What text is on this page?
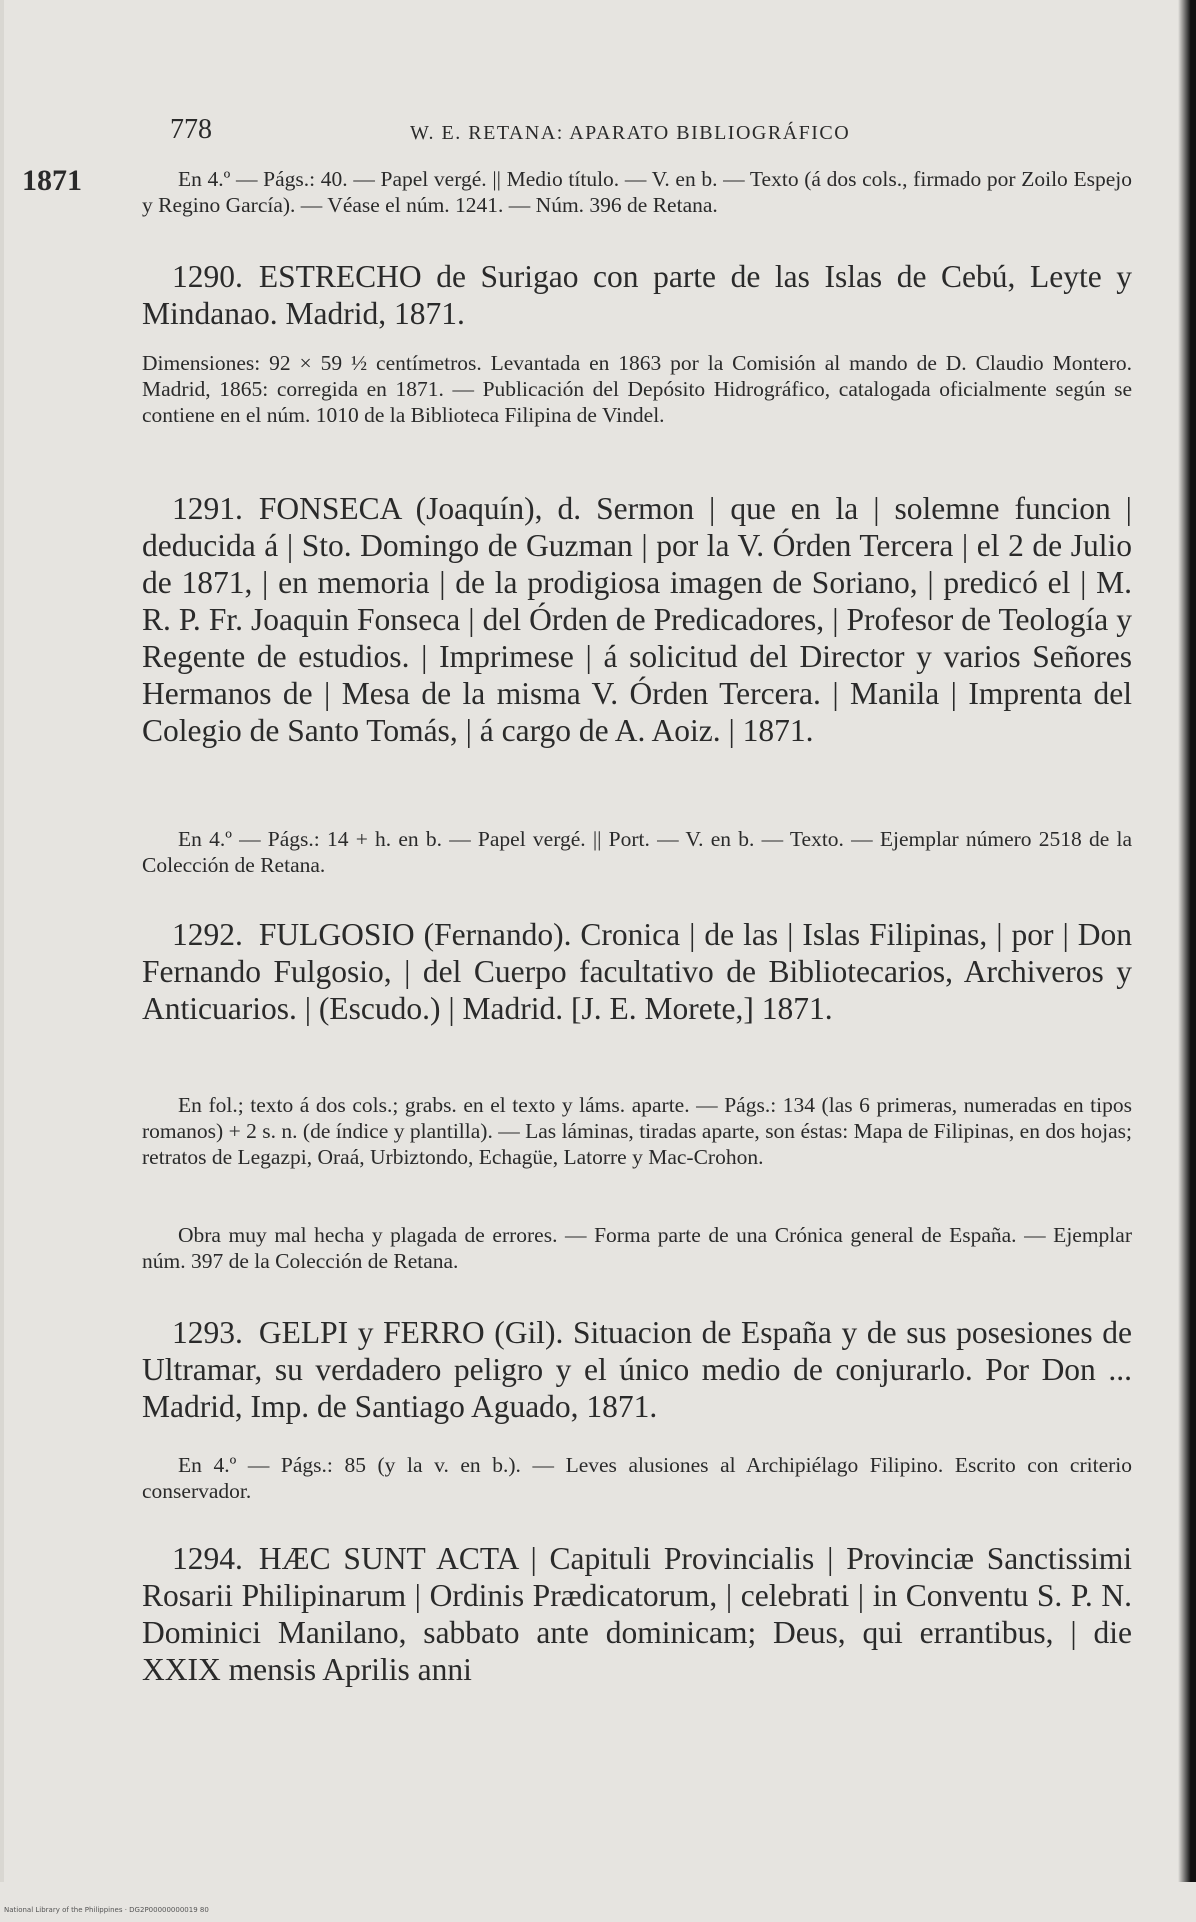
1871
778	W. E. RETANA: APARATO BIBLIOGRÁFICO

En 4.º — Págs.: 40. — Papel vergé. || Medio título. — V. en b. — Texto (á dos cols., firmado por Zoilo Espejo y Regino García). — Véase el núm. 1241. — Núm. 396 de Retana.

1290. ESTRECHO de Surigao con parte de las Islas de Cebú, Leyte y Mindanao. Madrid, 1871.

Dimensiones: 92 × 59 ½ centímetros. Levantada en 1863 por la Comisión al mando de D. Claudio Montero. Madrid, 1865: corregida en 1871. — Publicación del Depósito Hidrográfico, catalogada oficialmente según se contiene en el núm. 1010 de la Biblioteca Filipina de Vindel.

1291. FONSECA (Joaquín), d. Sermon | que en la | solemne funcion | deducida á | Sto. Domingo de Guzman | por la V. Órden Tercera | el 2 de Julio de 1871, | en memoria | de la prodigiosa imagen de Soriano, | predicó el | M. R. P. Fr. Joaquin Fonseca | del Órden de Predicadores, | Profesor de Teología y Regente de estudios. | Imprimese | á solicitud del Director y varios Señores Hermanos de | Mesa de la misma V. Órden Tercera. | Manila | Imprenta del Colegio de Santo Tomás, | á cargo de A. Aoiz. | 1871.

En 4.º — Págs.: 14 + h. en b. — Papel vergé. || Port. — V. en b. — Texto. — Ejemplar número 2518 de la Colección de Retana.

1292. FULGOSIO (Fernando). Cronica | de las | Islas Filipinas, | por | Don Fernando Fulgosio, | del Cuerpo facultativo de Bibliotecarios, Archiveros y Anticuarios. | (Escudo.) | Madrid. [J. E. Morete,] 1871.

En fol.; texto á dos cols.; grabs. en el texto y láms. aparte. — Págs.: 134 (las 6 primeras, numeradas en tipos romanos) + 2 s. n. (de índice y plantilla). — Las láminas, tiradas aparte, son éstas: Mapa de Filipinas, en dos hojas; retratos de Legazpi, Oraá, Urbiztondo, Echagüe, Latorre y Mac-Crohon.

Obra muy mal hecha y plagada de errores. — Forma parte de una Crónica general de España. — Ejemplar núm. 397 de la Colección de Retana.

1293. GELPI y FERRO (Gil). Situacion de España y de sus posesiones de Ultramar, su verdadero peligro y el único medio de conjurarlo. Por Don ... Madrid, Imp. de Santiago Aguado, 1871.

En 4.º — Págs.: 85 (y la v. en b.). — Leves alusiones al Archipiélago Filipino. Escrito con criterio conservador.

1294. HÆC SUNT ACTA | Capituli Provincialis | Provinciæ Sanctissimi Rosarii Philipinarum | Ordinis Prædicatorum, | celebrati | in Conventu S. P. N. Dominici Manilano, sabbato ante dominicam; Deus, qui errantibus, | die XXIX mensis Aprilis anni

National Library of the Philippines · DG2P00000000019 80
